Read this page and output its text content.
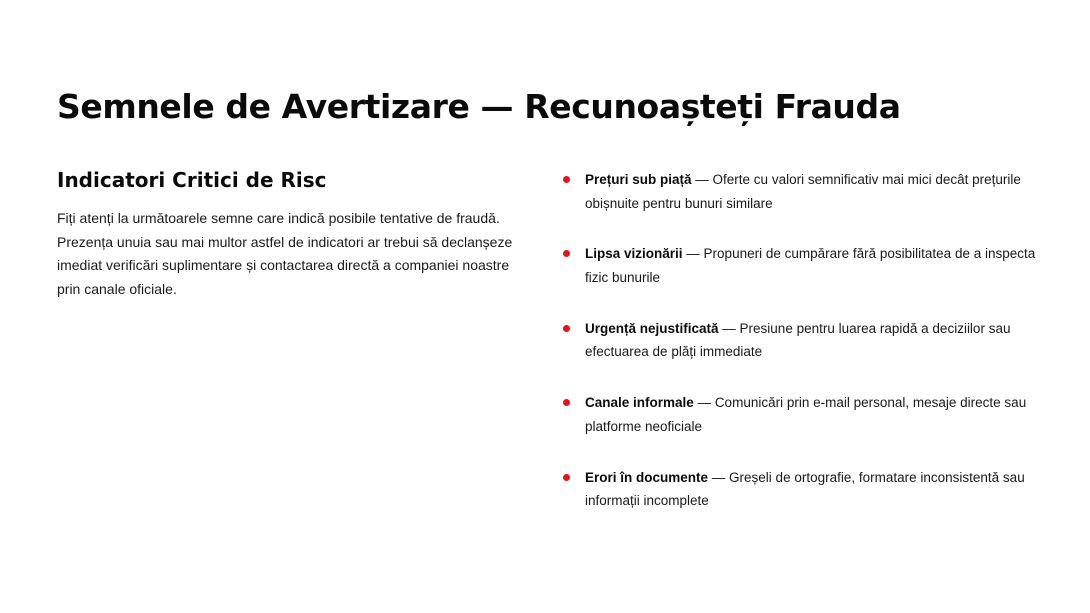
Semnele de Avertizare — Recunoașteți Frauda
Indicatori Critici de Risc

Fiți atenți la următoarele semne care indică posibile tentative de fraudă. Prezența unuia sau mai multor astfel de indicatori ar trebui să declanșeze imediat verificări suplimentare și contactarea directă a companiei noastre prin canale oficiale.

Prețuri sub piață — Oferte cu valori semnificativ mai mici decât prețurile obișnuite pentru bunuri similare
Lipsa vizionării — Propuneri de cumpărare fără posibilitatea de a inspecta fizic bunurile
Urgență nejustificată — Presiune pentru luarea rapidă a deciziilor sau efectuarea de plăți immediate
Canale informale — Comunicări prin e-mail personal, mesaje directe sau platforme neoficiale
Erori în documente — Greșeli de ortografie, formatare inconsistentă sau informații incomplete
